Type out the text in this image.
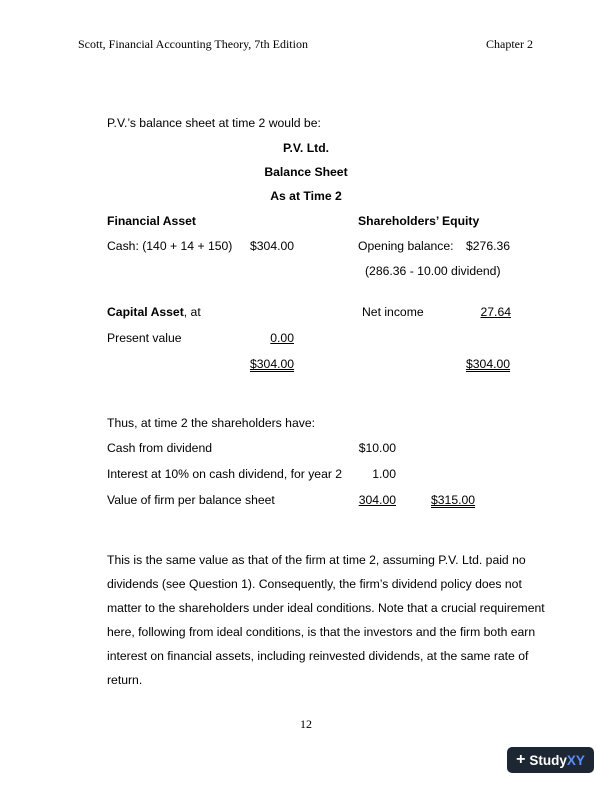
Scott, Financial Accounting Theory, 7th Edition	Chapter 2
P.V.’s balance sheet at time 2 would be:
P.V. Ltd.
Balance Sheet
As at Time 2
Financial Asset	Shareholders’ Equity
Cash: (140 + 14 + 150) $304.00	Opening balance: $276.36
(286.36 - 10.00 dividend)
Capital Asset, at	Net income	27.64
Present value	0.00
$304.00	$304.00
Thus, at time 2 the shareholders have:
Cash from dividend	$10.00
Interest at 10% on cash dividend, for year 2	1.00
Value of firm per balance sheet	304.00	$315.00
This is the same value as that of the firm at time 2, assuming P.V. Ltd. paid no dividends (see Question 1). Consequently, the firm’s dividend policy does not matter to the shareholders under ideal conditions. Note that a crucial requirement here, following from ideal conditions, is that the investors and the firm both earn interest on financial assets, including reinvested dividends, at the same rate of return.
12
+ StudyXY
